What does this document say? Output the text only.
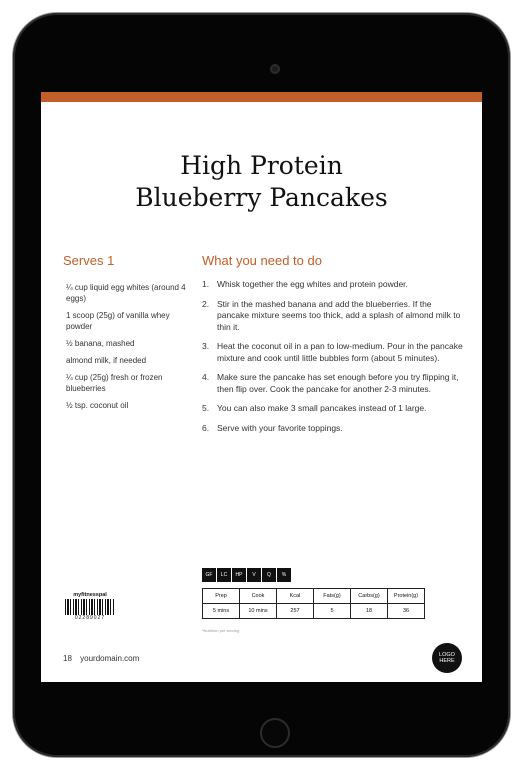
High Protein
Blueberry Pancakes
Serves 1	What you need to do
¼ cup liquid egg whites (around 4 eggs)
1 scoop (25g) of vanilla whey powder
½ banana, mashed
almond milk, if needed
¼ cup (25g) fresh or frozen blueberries
½ tsp. coconut oil
1. Whisk together the egg whites and protein powder.
2. Stir in the mashed banana and add the blueberries. If the pancake mixture seems too thick, add a splash of almond milk to thin it.
3. Heat the coconut oil in a pan to low-medium. Pour in the pancake mixture and cook until little bubbles form (about 5 minutes).
4. Make sure the pancake has set enough before you try flipping it, then flip over. Cook the pancake for another 2-3 minutes.
5. You can also make 3 small pancakes instead of 1 large.
6. Serve with your favorite toppings.
GF	LC	HP	V	Q	%
Prep	Cook	Kcal	Fats(g)	Carbs(g)	Protein(g)
5 mins	10 mins	257	5	18	36
*Nutrition per serving
myfitnesspal
02289027
18 yourdomain.com	LOGO
HERE
